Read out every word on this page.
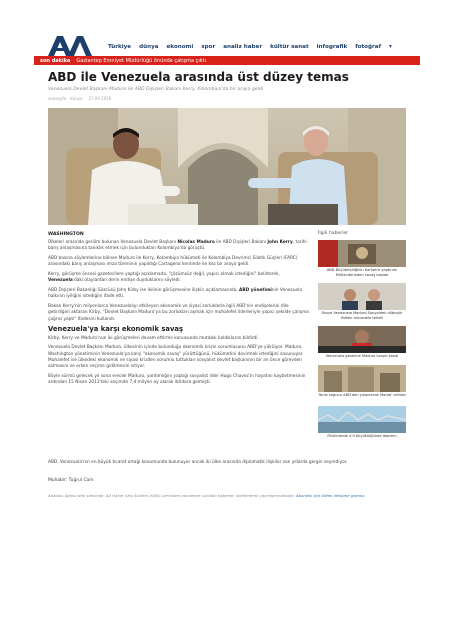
Türkiye dünya ekonomi spor analiz haber kültür sanat infografik fotoğraf ▾
son dakika Gaziantep Emniyet Müdürlüğü önünde çatışma çıktı
ABD ile Venezuela arasında üst düzey temas
Venezuela Devlet Başkanı Maduro ile ABD Dışişleri Bakanı Kerry, Kolombiya'da bir araya geldi
anasayfa · dünya 27.09.2016
WASHINGTON

Ülkeleri arasında gerilim bulunan Venezuela Devlet Başkanı Nicolas Maduro ile ABD Dışişleri Bakanı John Kerry, tarihi barış anlaşmasına tanıklık etmek için bulundukları Kolombiya'da görüştü.

ABD basına söylemlerine bilinen Maduro ile Kerry, Kolombiya hükümeti ile Kolombiya Devrimci Silahlı Güçleri (FARC) arasındaki barış anlaşması imza töreninin yapıldığı Cartagena kentinde ile kez bir araya geldi.

Kerry, görüşme öncesi gazetecilere yaptığı açıklamada, "çözümsüz değil, yapıcı olmak istediğini" belirterek, Venezuela'daki olaylardan derin endişe duyduklarını söyledi.

ABD Dışişleri Bakanlığı Sözcüsü John Kirby ise ikilinin görüşmesine ilişkin açıklamasında, ABD yönetiminin Venezuela halkının iyiliğini istediğini ifade etti.

Bakan Kerry'nin milyonlarca Venezuelalıyı etkileyen ekonomik ve siyasi zorluklarla ilgili ABD'nin endişelerini dile getirdiğini aktaran Kirby, "Devlet Başkanı Maduro'ya bu zorlukları aşmak için muhalefet liderleriyle yapıcı şekilde çalışma çağrısı yaptı" ifadesini kullandı.

Venezuela'ya karşı ekonomik savaş

Kirby, Kerry ve Maduro'nun iki görüşmeleri devam ettirme konusunda mutabık kaldıklarını bildirdi.

Venezuela Devlet Başkanı Maduro, ülkesinin içinde bulunduğu ekonomik krizin sorumlusunu ABD'ye yüklüyor. Maduro, Washington yönetiminin Venezuela'ya karşı "ekonomik savaş" yürüttüğünü, hükümetini devirmek istediğini savunuyor. Muhalefet ise ülkedeki ekonomik ve siyasi krizden sorumlu tuttukları sosyalist devlet başkanının bir an önce görevden azlmasını ve erken seçime gidilmesini istiyor.

Böyle sürmü gelecek yıl sona erecek Maduro, yardımlığını yaptığı sosyalist lider Hugo Chavez'in hayatını kaybetmesinin ardından 15 Nisan 2013'teki seçimde 7,4 milyon oy alarak iktidara gelmişti.

ABD, Venezuela'nın en büyük ticaret ortağı konumunda bulunuyor ancak iki ülke arasında diplomatik ilişkiler son yıllarda gergin seyrediyor.

Muhabir: Tuğrul Cam

Anadolu Ajansı web sitesinde, AA Haber Akış Sistemi (HAS) üzerinden abonelere sunulan haberler, özetlenerek yayımlanmaktadır. Abonelik için lütfen iletişime geçiniz.

İlgili haberler
ABD Büyükelçiliğinin Karkas'e yaptırımı Mülteciterinden savaş başlatı
Rusya Venezuela Maduro Sonyaldek dilbirgür ittifakı mücadele tehdit
Venezuela geneline Maduro karşıtı kanal
Tenie segunu ABD'den çıkarılacak Mareb' ortibisi
Filistinlerde 4.9 büyüklüğünde deprem
